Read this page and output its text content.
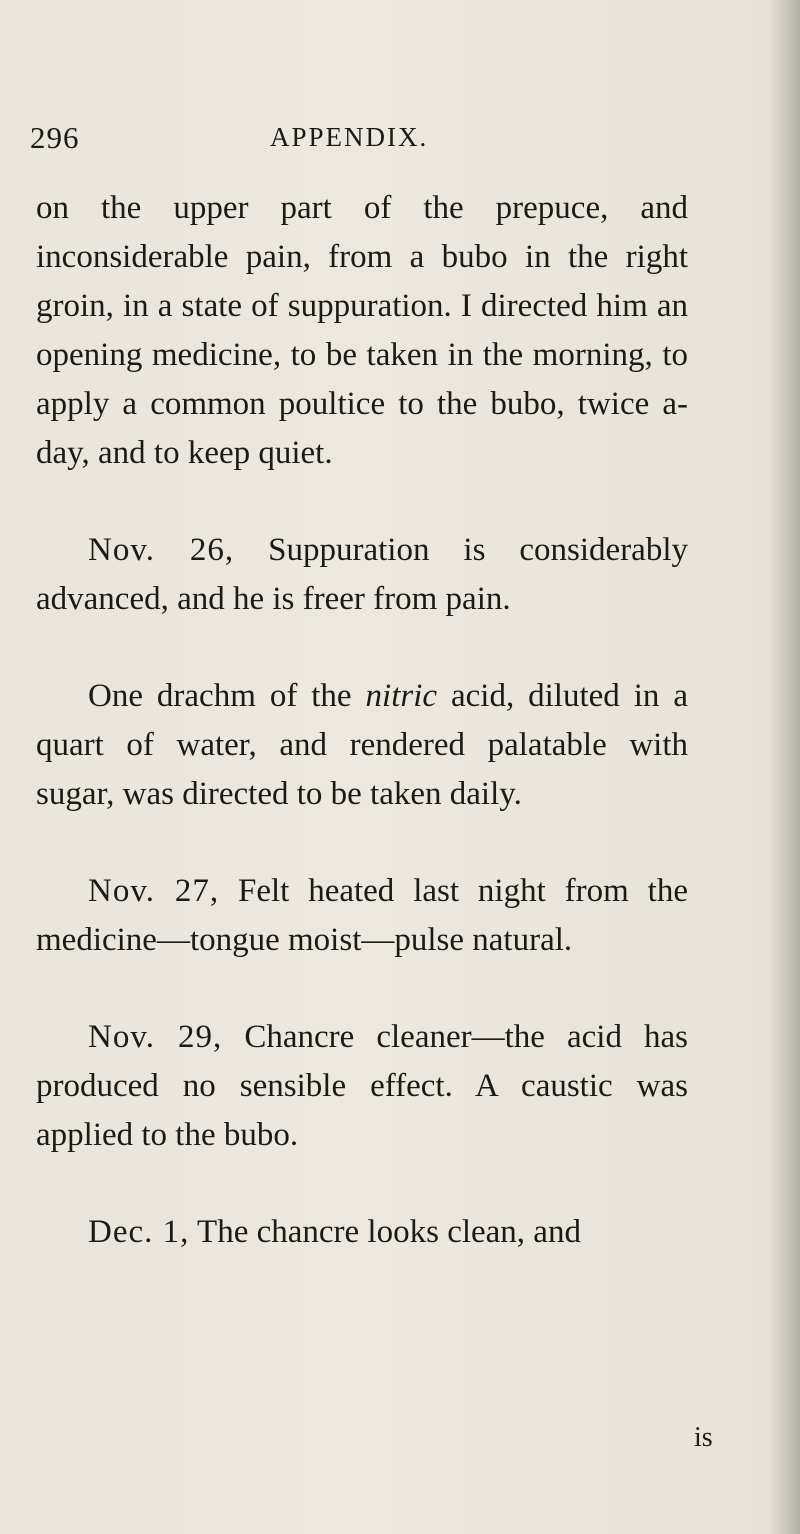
296	APPENDIX.

on the upper part of the prepuce, and inconsiderable pain, from a bubo in the right groin, in a state of suppuration. I directed him an opening medicine, to be taken in the morning, to apply a common poultice to the bubo, twice a-day, and to keep quiet.

Nov. 26, Suppuration is considerably advanced, and he is freer from pain.

One drachm of the nitric acid, diluted in a quart of water, and rendered palatable with sugar, was directed to be taken daily.

Nov. 27, Felt heated last night from the medicine—tongue moist—pulse natural.

Nov. 29, Chancre cleaner—the acid has produced no sensible effect. A caustic was applied to the bubo.

Dec. 1, The chancre looks clean, and

is
